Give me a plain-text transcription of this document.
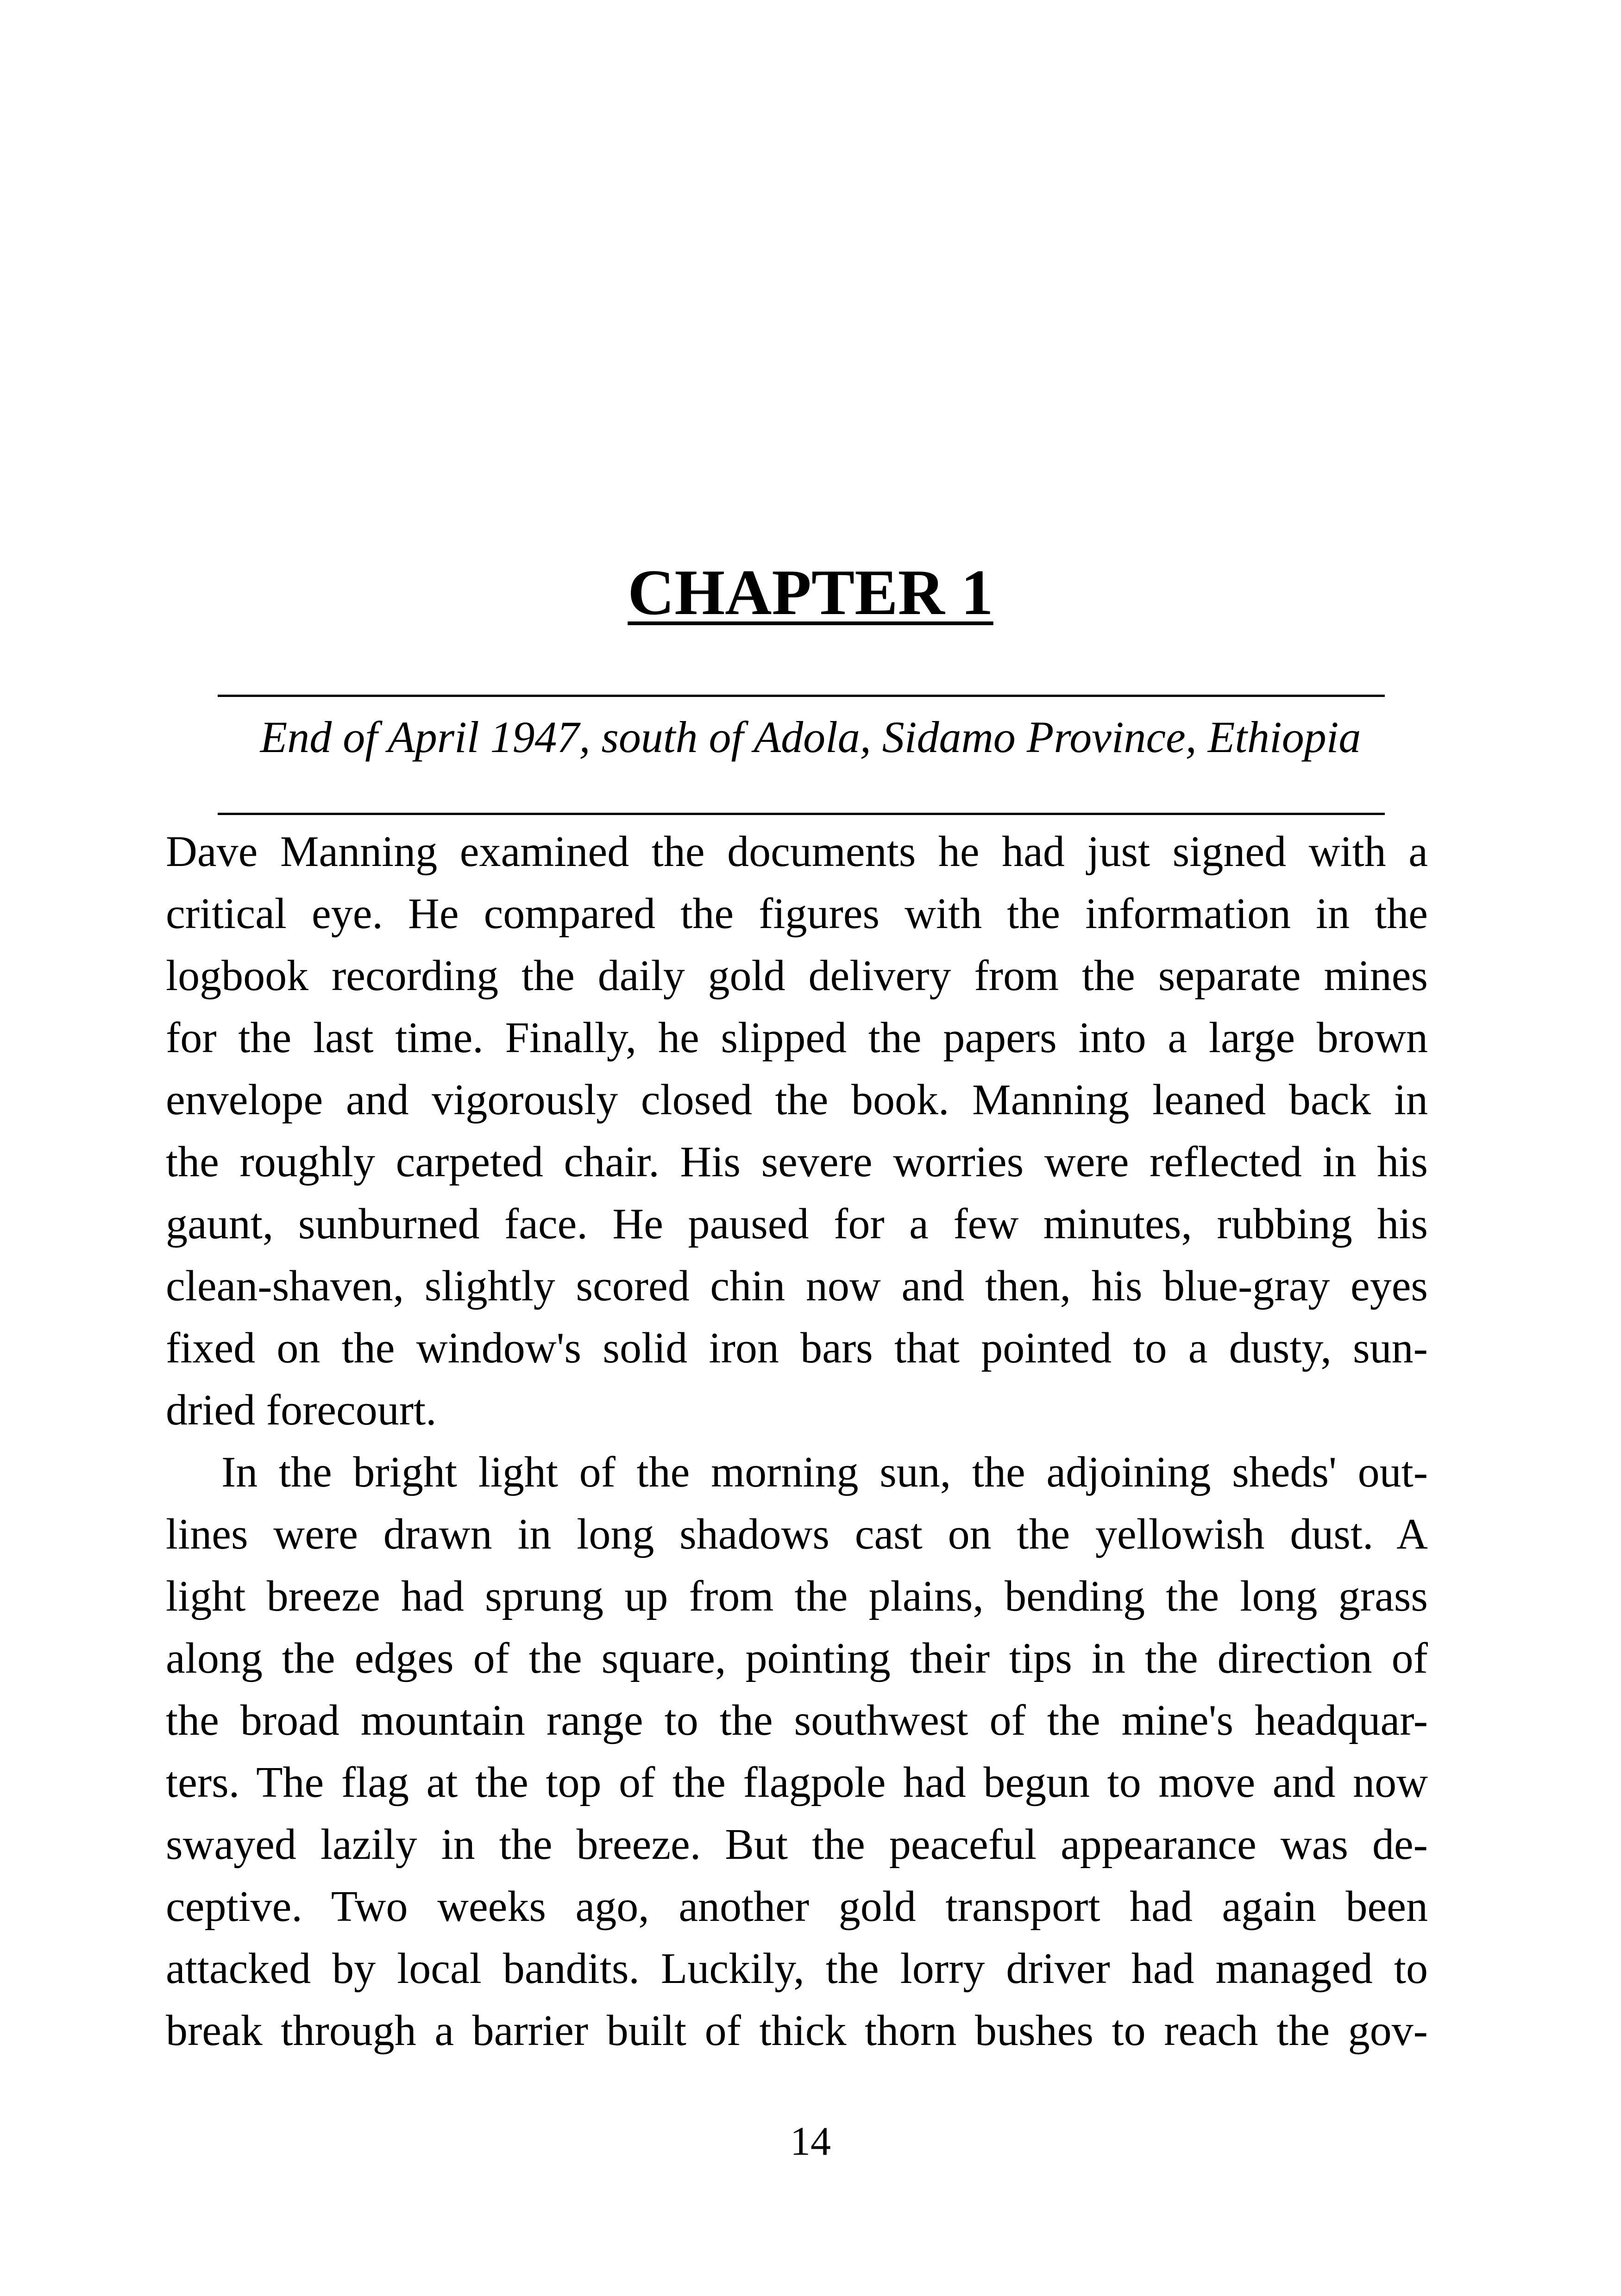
CHAPTER 1

End of April 1947, south of Adola, Sidamo Province, Ethiopia

Dave Manning examined the documents he had just signed with a
critical eye. He compared the figures with the information in the
logbook recording the daily gold delivery from the separate mines
for the last time. Finally, he slipped the papers into a large brown
envelope and vigorously closed the book. Manning leaned back in
the roughly carpeted chair. His severe worries were reflected in his
gaunt, sunburned face. He paused for a few minutes, rubbing his
clean-shaven, slightly scored chin now and then, his blue-gray eyes
fixed on the window's solid iron bars that pointed to a dusty, sun-
dried forecourt.
In the bright light of the morning sun, the adjoining sheds' out-
lines were drawn in long shadows cast on the yellowish dust. A
light breeze had sprung up from the plains, bending the long grass
along the edges of the square, pointing their tips in the direction of
the broad mountain range to the southwest of the mine's headquar-
ters. The flag at the top of the flagpole had begun to move and now
swayed lazily in the breeze. But the peaceful appearance was de-
ceptive. Two weeks ago, another gold transport had again been
attacked by local bandits. Luckily, the lorry driver had managed to
break through a barrier built of thick thorn bushes to reach the gov-

14
